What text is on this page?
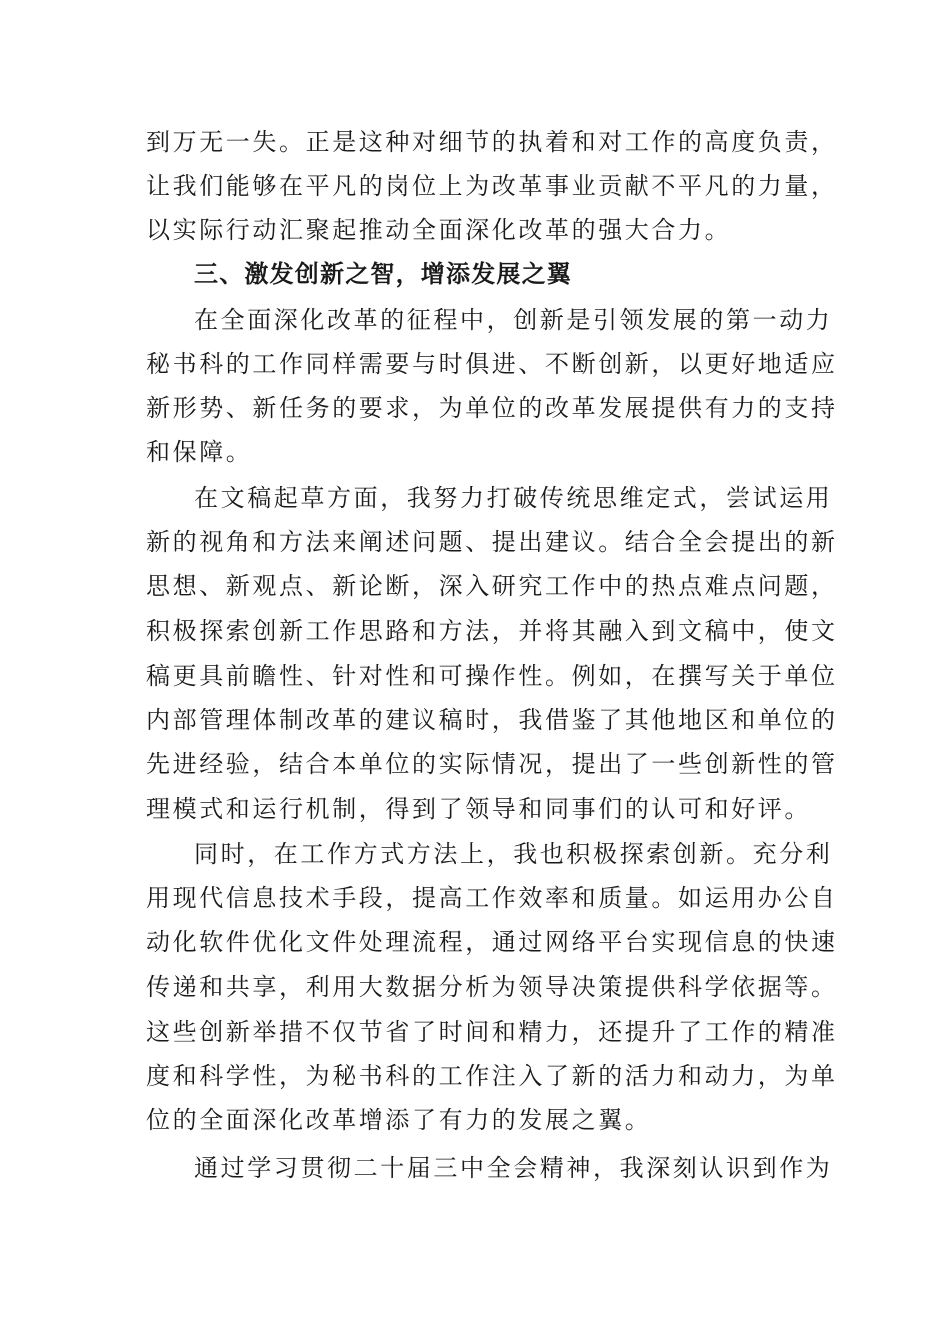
到万无一失。正是这种对细节的执着和对工作的高度负责，
让我们能够在平凡的岗位上为改革事业贡献不平凡的力量，
以实际行动汇聚起推动全面深化改革的强大合力。
三、激发创新之智，增添发展之翼
在全面深化改革的征程中，创新是引领发展的第一动力
秘书科的工作同样需要与时俱进、不断创新，以更好地适应
新形势、新任务的要求，为单位的改革发展提供有力的支持
和保障。
在文稿起草方面，我努力打破传统思维定式，尝试运用
新的视角和方法来阐述问题、提出建议。结合全会提出的新
思想、新观点、新论断，深入研究工作中的热点难点问题，
积极探索创新工作思路和方法，并将其融入到文稿中，使文
稿更具前瞻性、针对性和可操作性。例如，在撰写关于单位
内部管理体制改革的建议稿时，我借鉴了其他地区和单位的
先进经验，结合本单位的实际情况，提出了一些创新性的管
理模式和运行机制，得到了领导和同事们的认可和好评。
同时，在工作方式方法上，我也积极探索创新。充分利
用现代信息技术手段，提高工作效率和质量。如运用办公自
动化软件优化文件处理流程，通过网络平台实现信息的快速
传递和共享，利用大数据分析为领导决策提供科学依据等。
这些创新举措不仅节省了时间和精力，还提升了工作的精准
度和科学性，为秘书科的工作注入了新的活力和动力，为单
位的全面深化改革增添了有力的发展之翼。
通过学习贯彻二十届三中全会精神，我深刻认识到作为
